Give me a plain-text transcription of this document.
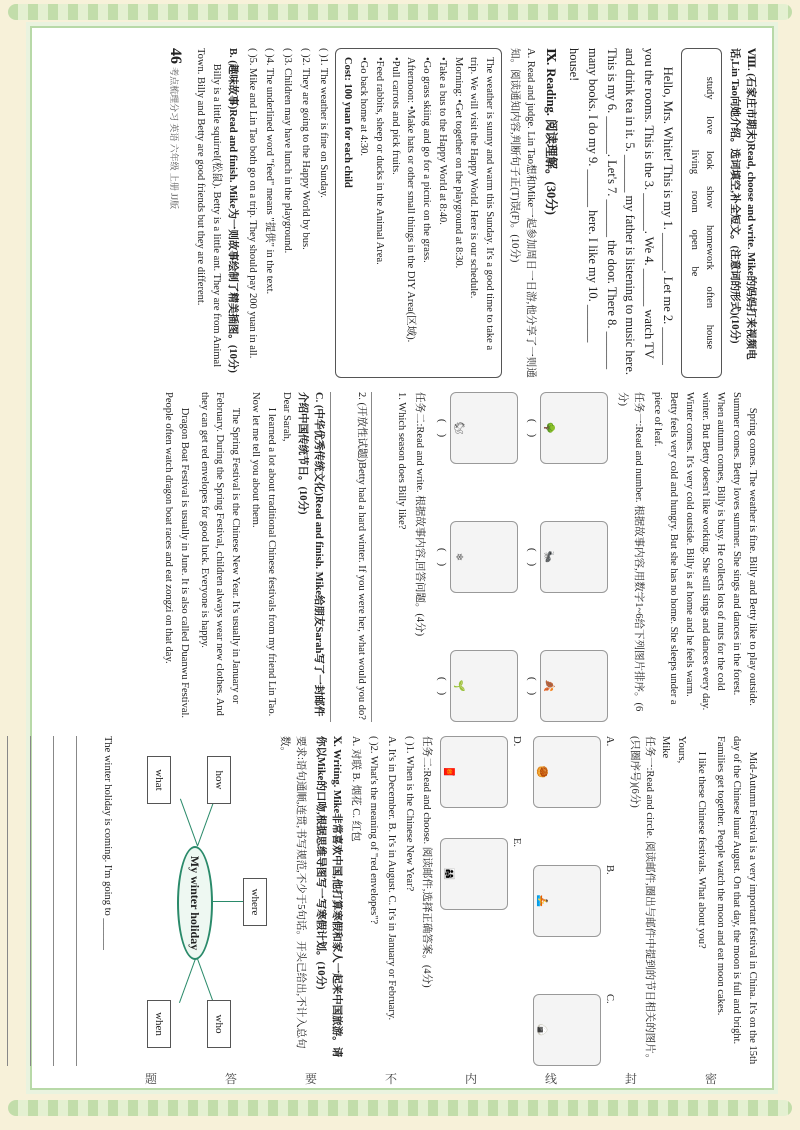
密
封
线
内
不
要
答
题
Ⅷ. (石家庄市期末)Read, choose and write. Mike的妈妈打来视频电话,Lin Tao向她介绍。选词填空,补全短文。(注意词的形式)(10分)
study love look show homework often house living room open be

Hello, Mrs. White! This is my 1. ______. Let me 2. ______ you the rooms. This is the 3. ______. We 4. ______ watch TV and drink tea in it. 5. ______ my father is listening to music here. This is my 6. ______. Let's 7. ______ the door. There 8. ______ many books. I do my 9. ______ here. I like my 10. ______ house!

Ⅸ. Reading. 阅读理解。(30分)
A. Read and judge. Lin Tao想和Mike一起参加周日一日游,他分享了一则通知。阅读通知内容,判断句子正(T)误(F)。(10分)
The weather is sunny and warm this Sunday. It's a good time to take a trip. We will visit the Happy World. Here is our schedule.
Morning: •Get together on the playground at 8:30.
•Take a bus to the Happy World at 8:40.
•Go grass skiing and go for a picnic on the grass.
Afternoon: •Make hats or other small things in the DIY Area(区域).
•Pull carrots and pick fruits.
•Feed rabbits, sheep or ducks in the Animal Area.
•Go back home at 4:30.
Cost: 100 yuan for each child
( )1. The weather is fine on Sunday.
( )2. They are going to the Happy World by bus.
( )3. Children may have lunch in the playground.
( )4. The underlined word "feed" means "提供" in the text.
( )5. Mike and Lin Tao both go on a trip. They should pay 200 yuan in all.
B. (趣味故事)Read and finish. Mike为一则故事绘制了精美插图。(10分)

Billy is a little squirrel(松鼠). Betty is a little ant. They are from Animal Town. Billy and Betty are good friends but they are different.

46 考点梳理分习 英语 六年级 上册 JJ版

Spring comes. The weather is fine. Billy and Betty like to play outside. Summer comes. Betty loves summer. She sings and dances in the forest. When autumn comes, Billy is busy. He collects lots of nuts for the cold winter. But Betty doesn't like working. She still sings and dances every day. Winter comes. It's very cold outside. Billy is at home and he feels warm. Betty feels very cold and hungry. But she has no home. She sleeps under a piece of leaf.

任务一:Read and number. 根据故事内容,用数字1~6给下列图片排序。(6分)
🌳
(    )
🐜
(    )
🍂
(    )
🐿
(    )
❄
(    )
🌱
(    )
任务二:Read and write. 根据故事内容,回答问题。(4分)
1. Which season does Billy like?
2. (开放性试题)Betty had a hard winter. If you were her, what would you do?
C. (中华优秀传统文化)Read and finish. Mike给朋友Sarah写了一封邮件介绍中国传统节日。(10分)
Dear Sarah,

I learned a lot about traditional Chinese festivals from my friend Lin Tao. Now let me tell you about them.

The Spring Festival is the Chinese New Year. It's usually in January or February. During the Spring Festival, children always wear new clothes. And they can get red envelopes for good luck. Everyone is happy.

Dragon Boat Festival is usually in June. It is also called Duanwu Festival. People often watch dragon boat races and eat zongzi on that day.

Mid-Autumn Festival is a very important festival in China. It's on the 15th day of the Chinese lunar August. On that day, the moon is full and bright. Families get together. People watch the moon and eat moon cakes.

I like these Chinese festivals. What about you?

Yours,
Mike
任务一:Read and circle. 阅读邮件,圈出与邮件中提到的节日相关的图片。(只圈序号)(6分)
A.
🥮
B.
🚣
C.
🍙
D.
🧧
E.
👨‍👩‍👧
任务二:Read and choose. 阅读邮件,选择正确答案。(4分)
( )1. When is the Chinese New Year?
A. It's in December. B. It's in August. C. It's in January or February.
( )2. What's the meaning of "red envelopes"?
A. 对联 B. 烟花 C. 红包
Ⅹ. Writing. Mike非常喜欢中国,他打算寒假和家人一起来中国旅游。请你以Mike的口吻,根据思维导图写一写寒假计划。(10分)
要求:语句通顺,连贯,书写规范,不少于5句话。开头已给出,不计入总句数。
My winter holiday	where
how
what
who
when
The winter holiday is coming. I'm going to ______
